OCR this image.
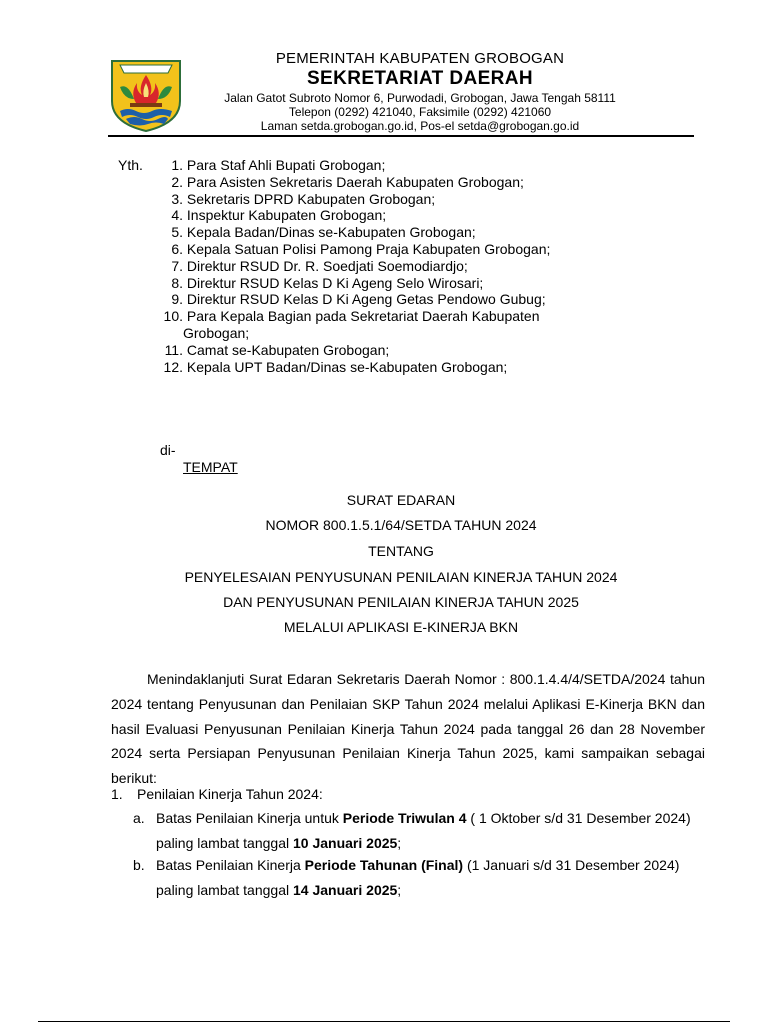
PEMERINTAH KABUPATEN GROBOGAN
SEKRETARIAT DAERAH
Jalan Gatot Subroto Nomor 6, Purwodadi, Grobogan, Jawa Tengah 58111
Telepon (0292) 421040, Faksimile (0292) 421060
Laman setda.grobogan.go.id, Pos-el setda@grobogan.go.id
Yth.	1. Para Staf Ahli Bupati Grobogan;
2. Para Asisten Sekretaris Daerah Kabupaten Grobogan;
3. Sekretaris DPRD Kabupaten Grobogan;
4. Inspektur Kabupaten Grobogan;
5. Kepala Badan/Dinas se-Kabupaten Grobogan;
6. Kepala Satuan Polisi Pamong Praja Kabupaten Grobogan;
7. Direktur RSUD Dr. R. Soedjati Soemodiardjo;
8. Direktur RSUD Kelas D Ki Ageng Selo Wirosari;
9. Direktur RSUD Kelas D Ki Ageng Getas Pendowo Gubug;
10. Para Kepala Bagian pada Sekretariat Daerah Kabupaten Grobogan;
11. Camat se-Kabupaten Grobogan;
12. Kepala UPT Badan/Dinas se-Kabupaten Grobogan;
di-
TEMPAT
SURAT EDARAN
NOMOR 800.1.5.1/64/SETDA TAHUN 2024
TENTANG
PENYELESAIAN PENYUSUNAN PENILAIAN KINERJA TAHUN 2024
DAN PENYUSUNAN PENILAIAN KINERJA TAHUN 2025
MELALUI APLIKASI E-KINERJA BKN

Menindaklanjuti Surat Edaran Sekretaris Daerah Nomor : 800.1.4.4/4/SETDA/2024 tahun 2024 tentang Penyusunan dan Penilaian SKP Tahun 2024 melalui Aplikasi E-Kinerja BKN dan hasil Evaluasi Penyusunan Penilaian Kinerja Tahun 2024 pada tanggal 26 dan 28 November 2024 serta Persiapan Penyusunan Penilaian Kinerja Tahun 2025, kami sampaikan sebagai berikut:

1. Penilaian Kinerja Tahun 2024:
a. Batas Penilaian Kinerja untuk Periode Triwulan 4 ( 1 Oktober s/d 31 Desember 2024) paling lambat tanggal 10 Januari 2025;
b. Batas Penilaian Kinerja Periode Tahunan (Final) (1 Januari s/d 31 Desember 2024) paling lambat tanggal 14 Januari 2025;
